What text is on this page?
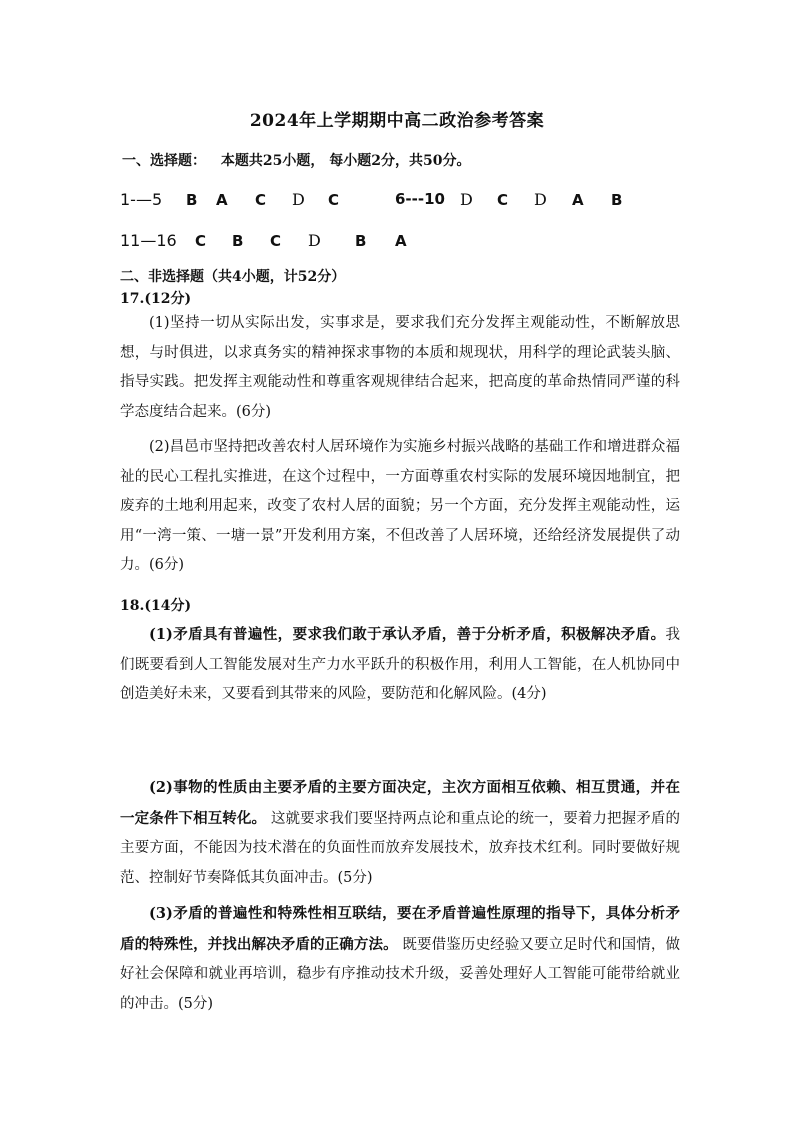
2024年上学期期中高二政治参考答案
一、选择题： 本题共25小题， 每小题2分，共50分。
1-—5 B A C D C	6---10 D C D A B
11—16 C B C D B A
二、非选择题（共4小题，计52分）
17.(12分)
(1)坚持一切从实际出发，实事求是，要求我们充分发挥主观能动性，不断解放思想，与时俱进，以求真务实的精神探求事物的本质和规现状，用科学的理论武装头脑、指导实践。把发挥主观能动性和尊重客观规律结合起来，把高度的革命热情同严谨的科学态度结合起来。(6分)
(2)昌邑市坚持把改善农村人居环境作为实施乡村振兴战略的基础工作和增进群众福祉的民心工程扎实推进，在这个过程中，一方面尊重农村实际的发展环境因地制宜，把废弃的土地利用起来，改变了农村人居的面貌；另一个方面，充分发挥主观能动性，运用“一湾一策、一塘一景”开发利用方案，不但改善了人居环境，还给经济发展提供了动力。(6分)
18.(14分)
(1)矛盾具有普遍性，要求我们敢于承认矛盾，善于分析矛盾，积极解决矛盾。我们既要看到人工智能发展对生产力水平跃升的积极作用，利用人工智能，在人机协同中创造美好未来，又要看到其带来的风险，要防范和化解风险。(4分)
(2)事物的性质由主要矛盾的主要方面决定，主次方面相互依赖、相互贯通，并在一定条件下相互转化。 这就要求我们要坚持两点论和重点论的统一，要着力把握矛盾的主要方面，不能因为技术潜在的负面性而放弃发展技术，放弃技术红利。同时要做好规范、控制好节奏降低其负面冲击。(5分)
(3)矛盾的普遍性和特殊性相互联结，要在矛盾普遍性原理的指导下，具体分析矛盾的特殊性，并找出解决矛盾的正确方法。 既要借鉴历史经验又要立足时代和国情，做好社会保障和就业再培训，稳步有序推动技术升级，妥善处理好人工智能可能带给就业的冲击。(5分)
